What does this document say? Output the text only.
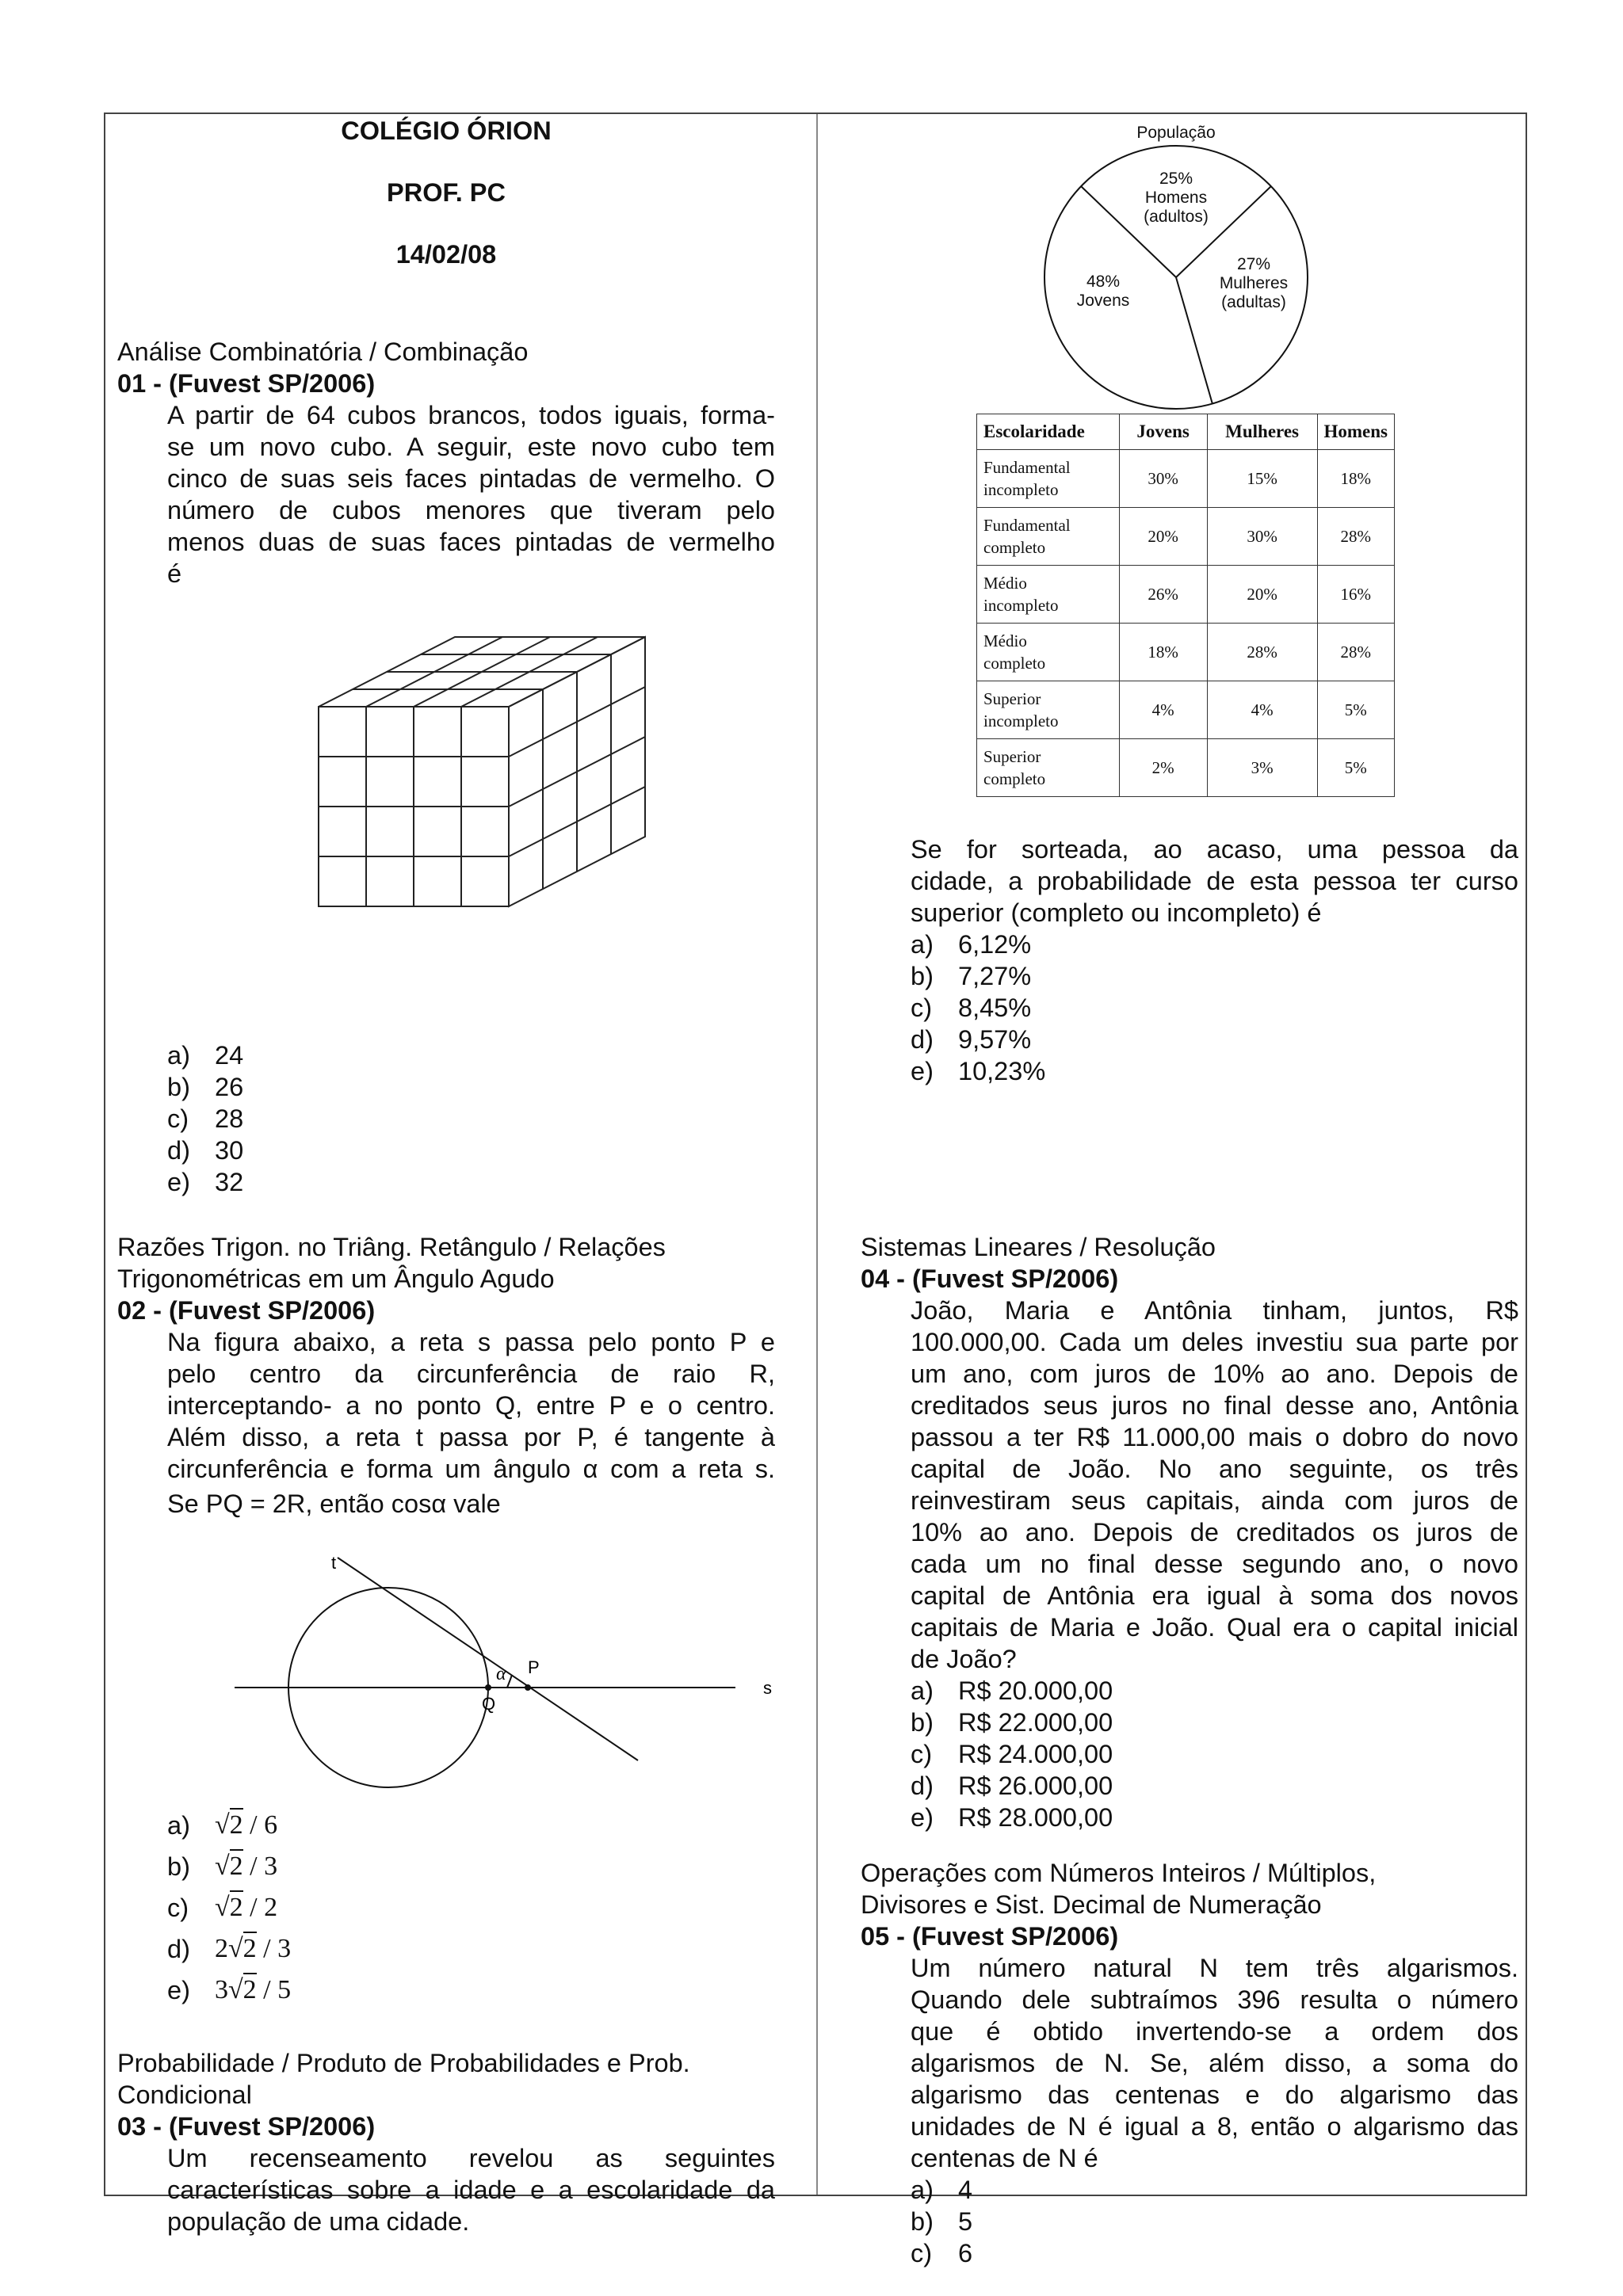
COLÉGIO ÓRION
PROF. PC
14/02/08
Análise Combinatória / Combinação
01 - (Fuvest SP/2006)
A partir de 64 cubos brancos, todos iguais, forma-
se um novo cubo. A seguir, este novo cubo tem
cinco de suas seis faces pintadas de vermelho. O
número de cubos menores que tiveram pelo
menos duas de suas faces pintadas de vermelho
é
a) 24
b) 26
c)	28
d) 30
e) 32
Razões Trigon. no Triâng. Retângulo / Relações
Trigonométricas em um Ângulo Agudo
02 - (Fuvest SP/2006)
Na figura abaixo, a reta s passa pelo ponto P e
pelo centro da circunferência de raio R,
interceptando- a no ponto Q, entre P e o centro.
Além disso, a reta t passa por P, é tangente à
circunferência e forma um ângulo α com a reta s.
Se PQ = 2R, então cosα vale
t
s
P
Q
α
a) √2 / 6
b) √2 / 3
c) √2 / 2
d) 2√2 / 3
e) 3√2 / 5
Probabilidade / Produto de Probabilidades e Prob.
Condicional
03 - (Fuvest SP/2006)
Um recenseamento revelou as seguintes
características sobre a idade e a escolaridade da
população de uma cidade.
População
25%
Homens
(adultos)
27%
Mulheres
(adultas)
48%
Jovens
Escolaridade	Jovens	Mulheres	Homens
Fundamental
incompleto	30%	15%	18%
Fundamental
completo	20%	30%	28%
Médio
incompleto	26%	20%	16%
Médio
completo	18%	28%	28%
Superior
incompleto	4%	4%	5%
Superior
completo	2%	3%	5%
Se for sorteada, ao acaso, uma pessoa da
cidade, a probabilidade de esta pessoa ter curso
superior (completo ou incompleto) é
a) 6,12%
b) 7,27%
c)	8,45%
d) 9,57%
e) 10,23%
Sistemas Lineares / Resolução
04 - (Fuvest SP/2006)
João, Maria e Antônia tinham, juntos, R$
100.000,00. Cada um deles investiu sua parte por
um ano, com juros de 10% ao ano. Depois de
creditados seus juros no final desse ano, Antônia
passou a ter R$ 11.000,00 mais o dobro do novo
capital de João. No ano seguinte, os três
reinvestiram seus capitais, ainda com juros de
10% ao ano. Depois de creditados os juros de
cada um no final desse segundo ano, o novo
capital de Antônia era igual à soma dos novos
capitais de Maria e João. Qual era o capital inicial
de João?
a) R$ 20.000,00
b) R$ 22.000,00
c)	R$ 24.000,00
d) R$ 26.000,00
e) R$ 28.000,00
Operações com Números Inteiros / Múltiplos,
Divisores e Sist. Decimal de Numeração
05 - (Fuvest SP/2006)
Um número natural N tem três algarismos.
Quando dele subtraímos 396 resulta o número
que é obtido invertendo-se a ordem dos
algarismos de N. Se, além disso, a soma do
algarismo das centenas e do algarismo das
unidades de N é igual a 8, então o algarismo das
centenas de N é
a) 4
b) 5
c)	6
